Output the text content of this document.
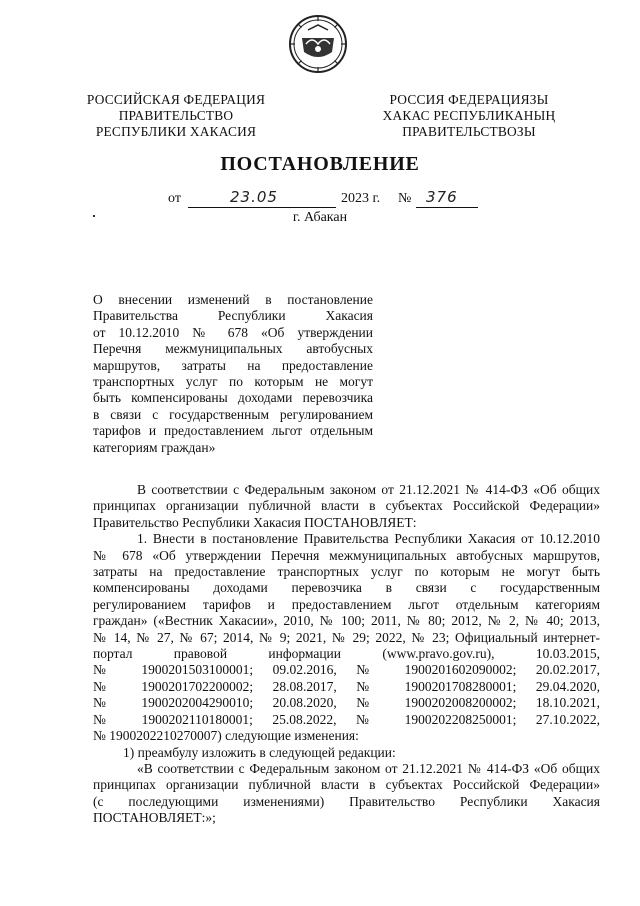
РОССИЙСКАЯ ФЕДЕРАЦИЯ
ПРАВИТЕЛЬСТВО
РЕСПУБЛИКИ ХАКАСИЯ
РОССИЯ ФЕДЕРАЦИЯЗЫ
ХАКАС РЕСПУБЛИКАНЫҢ
ПРАВИТЕЛЬСТВОЗЫ
ПОСТАНОВЛЕНИЕ
от	23.05	2023 г. № 376
г. Абакан
О внесении изменений в постановление
Правительства Республики Хакасия
от 10.12.2010 № 678 «Об утверждении
Перечня межмуниципальных автобусных
маршрутов, затраты на предоставление
транспортных услуг по которым не могут
быть компенсированы доходами перевозчика
в связи с государственным регулированием
тарифов и предоставлением льгот отдельным
категориям граждан»
В соответствии с Федеральным законом от 21.12.2021 № 414-ФЗ «Об общих
принципах организации публичной власти в субъектах Российской Федерации»
Правительство Республики Хакасия ПОСТАНОВЛЯЕТ:
1. Внести в постановление Правительства Республики Хакасия от 10.12.2010
№ 678 «Об утверждении Перечня межмуниципальных автобусных маршрутов,
затраты на предоставление транспортных услуг по которым не могут быть
компенсированы доходами перевозчика в связи с государственным
регулированием тарифов и предоставлением льгот отдельным категориям
граждан» («Вестник Хакасии», 2010, № 100; 2011, № 80; 2012, № 2, № 40; 2013,
№ 14, № 27, № 67; 2014, № 9; 2021, № 29; 2022, № 23; Официальный интернет-
портал правовой информации (www.pravo.gov.ru), 10.03.2015,
№ 1900201503100001; 09.02.2016, № 1900201602090002; 20.02.2017,
№ 1900201702200002; 28.08.2017, № 1900201708280001; 29.04.2020,
№ 1900202004290010; 20.08.2020, № 1900202008200002; 18.10.2021,
№ 1900202110180001; 25.08.2022, № 1900202208250001; 27.10.2022,
№ 1900202210270007) следующие изменения:
1) преамбулу изложить в следующей редакции:
«В соответствии с Федеральным законом от 21.12.2021 № 414-ФЗ «Об общих
принципах организации публичной власти в субъектах Российской Федерации»
(с последующими изменениями) Правительство Республики Хакасия
ПОСТАНОВЛЯЕТ:»;
